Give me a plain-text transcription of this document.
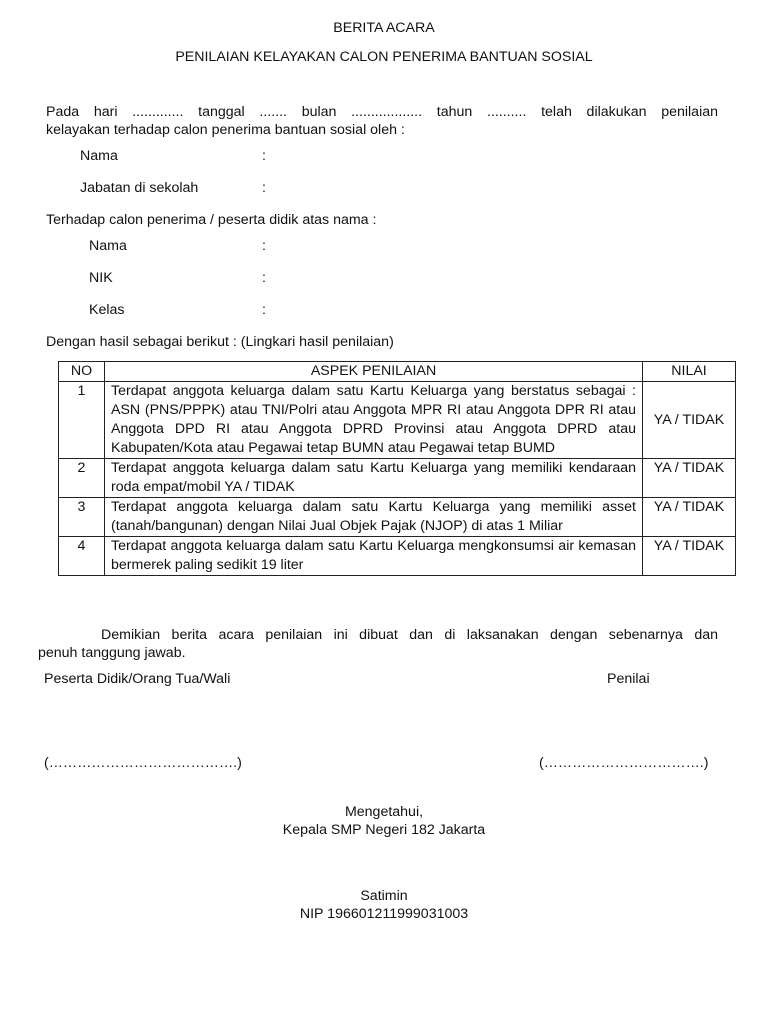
BERITA ACARA
PENILAIAN KELAYAKAN CALON PENERIMA BANTUAN SOSIAL
Pada hari ............. tanggal ....... bulan .................. tahun .......... telah dilakukan penilaian
kelayakan terhadap calon penerima bantuan sosial oleh :
Nama	:
Jabatan di sekolah	:
Terhadap calon penerima / peserta didik atas nama :
Nama	:
NIK	:
Kelas	:
Dengan hasil sebagai berikut : (Lingkari hasil penilaian)
NO	ASPEK PENILAIAN	NILAI
1	Terdapat anggota keluarga dalam satu Kartu Keluarga yang berstatus sebagai : ASN (PNS/PPPK) atau TNI/Polri atau Anggota MPR RI atau Anggota DPR RI atau Anggota DPD RI atau Anggota DPRD Provinsi atau Anggota DPRD atau Kabupaten/Kota atau Pegawai tetap BUMN atau Pegawai tetap BUMD	YA / TIDAK
2	Terdapat anggota keluarga dalam satu Kartu Keluarga yang memiliki kendaraan roda empat/mobil YA / TIDAK	YA / TIDAK
3	Terdapat anggota keluarga dalam satu Kartu Keluarga yang memiliki asset (tanah/bangunan) dengan Nilai Jual Objek Pajak (NJOP) di atas 1 Miliar	YA / TIDAK
4	Terdapat anggota keluarga dalam satu Kartu Keluarga mengkonsumsi air kemasan bermerek paling sedikit 19 liter	YA / TIDAK
Demikian berita acara penilaian ini dibuat dan di laksanakan dengan sebenarnya dan
penuh tanggung jawab.
Peserta Didik/Orang Tua/Wali	Penilai
(………………………………….)	(…………………………….)
Mengetahui,
Kepala SMP Negeri 182 Jakarta
Satimin
NIP 196601211999031003
